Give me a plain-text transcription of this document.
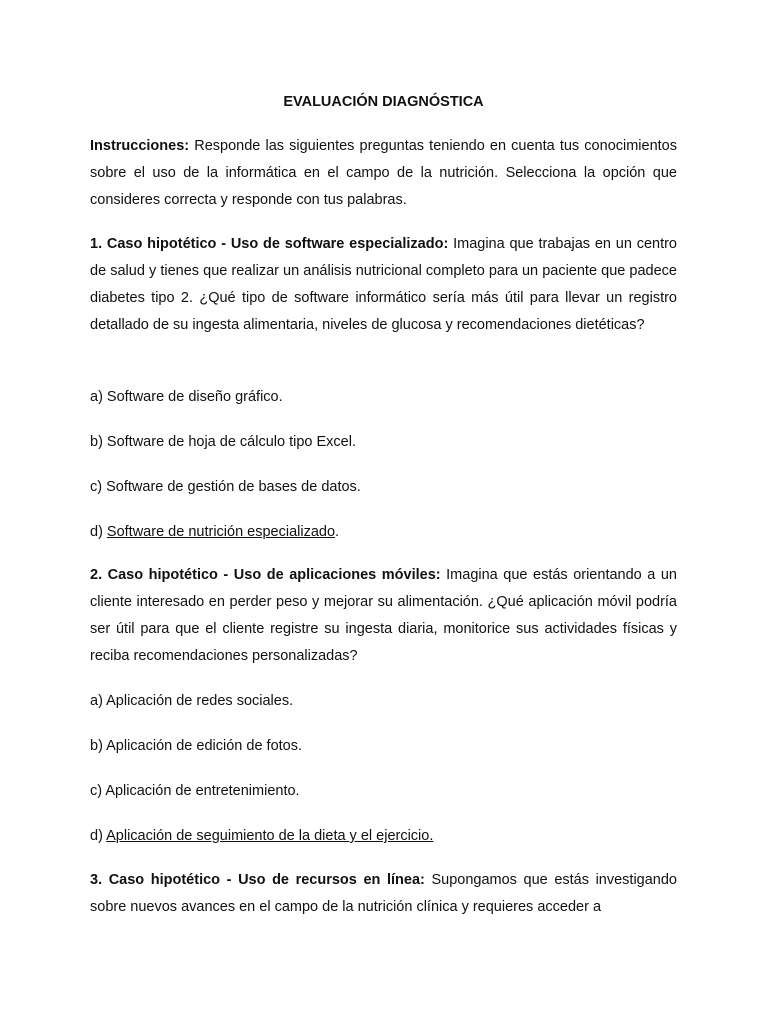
EVALUACIÓN DIAGNÓSTICA

Instrucciones: Responde las siguientes preguntas teniendo en cuenta tus conocimientos sobre el uso de la informática en el campo de la nutrición. Selecciona la opción que consideres correcta y responde con tus palabras.

1. Caso hipotético - Uso de software especializado: Imagina que trabajas en un centro de salud y tienes que realizar un análisis nutricional completo para un paciente que padece diabetes tipo 2. ¿Qué tipo de software informático sería más útil para llevar un registro detallado de su ingesta alimentaria, niveles de glucosa y recomendaciones dietéticas?

a) Software de diseño gráfico.

b) Software de hoja de cálculo tipo Excel.

c) Software de gestión de bases de datos.

d) Software de nutrición especializado.

2. Caso hipotético - Uso de aplicaciones móviles: Imagina que estás orientando a un cliente interesado en perder peso y mejorar su alimentación. ¿Qué aplicación móvil podría ser útil para que el cliente registre su ingesta diaria, monitorice sus actividades físicas y reciba recomendaciones personalizadas?

a) Aplicación de redes sociales.

b) Aplicación de edición de fotos.

c) Aplicación de entretenimiento.

d) Aplicación de seguimiento de la dieta y el ejercicio.

3. Caso hipotético - Uso de recursos en línea: Supongamos que estás investigando sobre nuevos avances en el campo de la nutrición clínica y requieres acceder a
